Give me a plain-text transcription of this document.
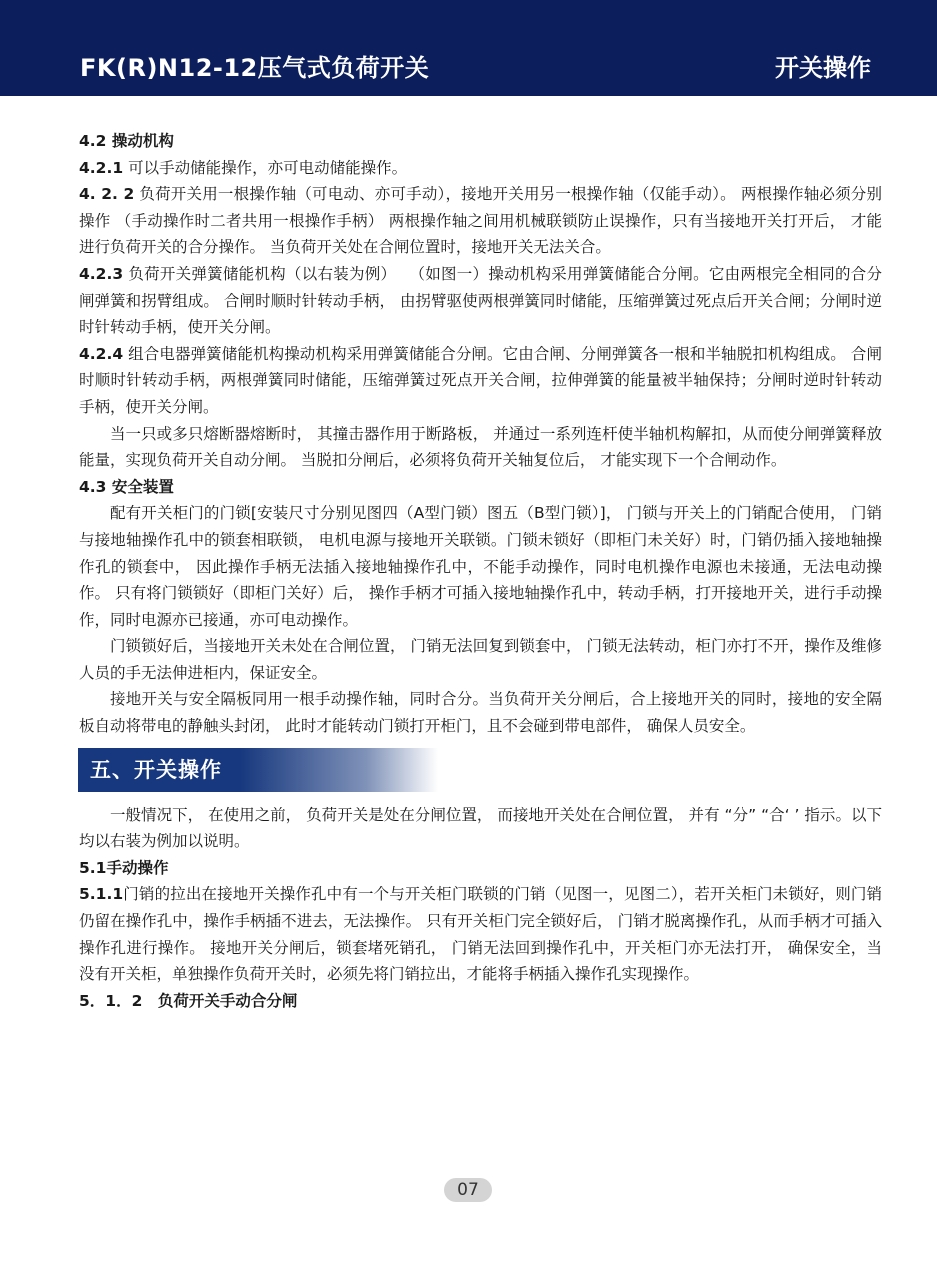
FK(R)N12-12压气式负荷开关	开关操作

4.2 操动机构

4.2.1 可以手动储能操作，亦可电动储能操作。

4. 2. 2 负荷开关用一根操作轴（可电动、亦可手动），接地开关用另一根操作轴（仅能手动）。 两根操作轴必须分别操作 （手动操作时二者共用一根操作手柄） 两根操作轴之间用机械联锁防止误操作，只有当接地开关打开后， 才能进行负荷开关的合分操作。 当负荷开关处在合闸位置时，接地开关无法关合。

4.2.3 负荷开关弹簧储能机构（以右装为例）　 （如图一）操动机构采用弹簧储能合分闸。它由两根完全相同的合分闸弹簧和拐臂组成。 合闸时顺时针转动手柄， 由拐臂驱使两根弹簧同时储能，压缩弹簧过死点后开关合闸；分闸时逆时针转动手柄，使开关分闸。

4.2.4 组合电器弹簧储能机构操动机构采用弹簧储能合分闸。它由合闸、分闸弹簧各一根和半轴脱扣机构组成。 合闸时顺时针转动手柄，两根弹簧同时储能，压缩弹簧过死点开关合闸，拉伸弹簧的能量被半轴保持；分闸时逆时针转动手柄，使开关分闸。

当一只或多只熔断器熔断时， 其撞击器作用于断路板， 并通过一系列连杆使半轴机构解扣，从而使分闸弹簧释放能量，实现负荷开关自动分闸。 当脱扣分闸后，必须将负荷开关轴复位后， 才能实现下一个合闸动作。

4.3 安全装置

配有开关柜门的门锁[安装尺寸分别见图四（A型门锁）图五（B型门锁）]， 门锁与开关上的门销配合使用， 门销与接地轴操作孔中的锁套相联锁， 电机电源与接地开关联锁。门锁未锁好（即柜门未关好）时，门销仍插入接地轴操作孔的锁套中， 因此操作手柄无法插入接地轴操作孔中，不能手动操作，同时电机操作电源也未接通，无法电动操作。 只有将门锁锁好（即柜门关好）后， 操作手柄才可插入接地轴操作孔中，转动手柄，打开接地开关，进行手动操作，同时电源亦已接通，亦可电动操作。

门锁锁好后，当接地开关未处在合闸位置， 门销无法回复到锁套中， 门锁无法转动，柜门亦打不开，操作及维修人员的手无法伸进柜内，保证安全。

接地开关与安全隔板同用一根手动操作轴，同时合分。当负荷开关分闸后，合上接地开关的同时，接地的安全隔板自动将带电的静触头封闭， 此时才能转动门锁打开柜门，且不会碰到带电部件， 确保人员安全。

五、开关操作

一般情况下， 在使用之前， 负荷开关是处在分闸位置， 而接地开关处在合闸位置， 并有 “分” “合‘ ’ 指示。以下均以右装为例加以说明。

5.1手动操作

5.1.1门销的拉出在接地开关操作孔中有一个与开关柜门联锁的门销（见图一，见图二），若开关柜门未锁好，则门销仍留在操作孔中，操作手柄插不进去，无法操作。 只有开关柜门完全锁好后， 门销才脱离操作孔，从而手柄才可插入操作孔进行操作。 接地开关分闸后，锁套堵死销孔， 门销无法回到操作孔中，开关柜门亦无法打开， 确保安全，当没有开关柜，单独操作负荷开关时，必须先将门销拉出，才能将手柄插入操作孔实现操作。

5．1．2　负荷开关手动合分闸

07
